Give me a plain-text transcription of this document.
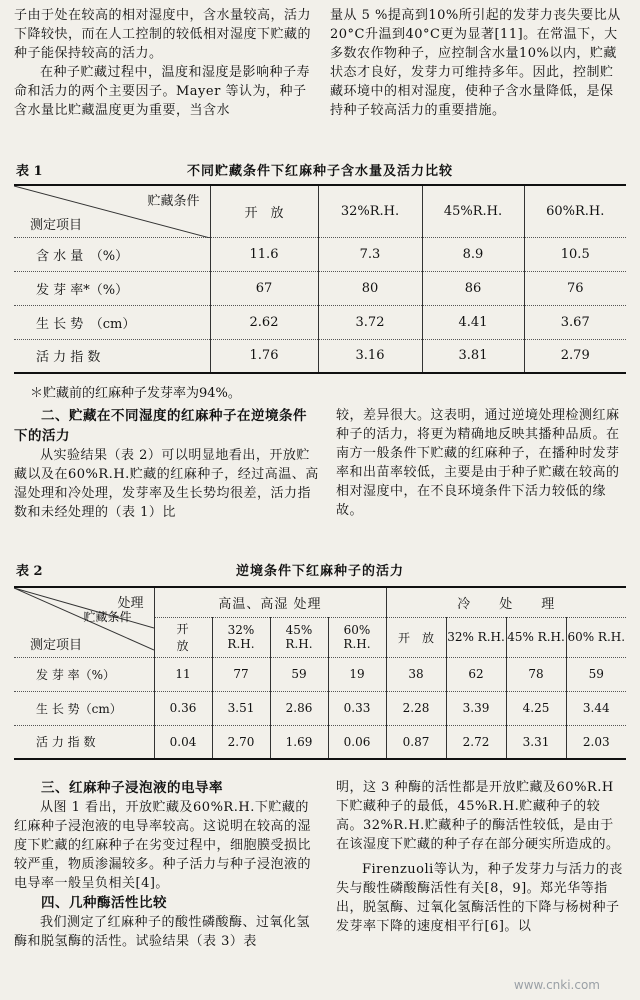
子由于处在较高的相对湿度中，含水量较高，活力下降较快，而在人工控制的较低相对湿度下贮藏的种子能保持较高的活力。

在种子贮藏过程中，温度和湿度是影响种子寿命和活力的两个主要因子。Mayer 等认为，种子含水量比贮藏温度更为重要，当含水

量从 5 %提高到10%所引起的发芽力丧失要比从20°C升温到40°C更为显著[11]。在常温下，大多数农作物种子，应控制含水量10%以内，贮藏状态才良好，发芽力可维持多年。因此，控制贮藏环境中的相对湿度，使种子含水量降低，是保持种子较高活力的重要措施。

表 1	不同贮藏条件下红麻种子含水量及活力比较
贮藏条件
测定项目	开　放	32%R.H.	45%R.H.	60%R.H.
含 水 量　（%）	11.6	7.3	8.9	10.5
发 芽 率*（%）	67	80	86	76
生 长 势　（cm）	2.62	3.72	4.41	3.67
活 力 指 数	1.76	3.16	3.81	2.79
＊贮藏前的红麻种子发芽率为94%。
二、贮藏在不同湿度的红麻种子在逆境条件下的活力

从实验结果（表 2）可以明显地看出，开放贮藏以及在60%R.H.贮藏的红麻种子，经过高温、高湿处理和冷处理，发芽率及生长势均很差，活力指数和未经处理的（表 1）比

较，差异很大。这表明，通过逆境处理检测红麻种子的活力，将更为精确地反映其播种品质。在南方一般条件下贮藏的红麻种子，在播种时发芽率和出苗率较低，主要是由于种子贮藏在较高的相对湿度中，在不良环境条件下活力较低的缘故。

表 2	逆境条件下红麻种子的活力
处理
贮藏条件
测定项目	高温、高湿 处理				冷　　处　　理			
	开　放	32% R.H.	45% R.H.	60% R.H.	开　放	32% R.H.	45% R.H.	60% R.H.
发 芽 率（%）	11	77	59	19	38	62	78	59
生 长 势（cm）	0.36	3.51	2.86	0.33	2.28	3.39	4.25	3.44
活 力 指 数	0.04	2.70	1.69	0.06	0.87	2.72	3.31	2.03
三、红麻种子浸泡液的电导率

从图 1 看出，开放贮藏及60%R.H.下贮藏的红麻种子浸泡液的电导率较高。这说明在较高的湿度下贮藏的红麻种子在劣变过程中，细胞膜受损比较严重，物质渗漏较多。种子活力与种子浸泡液的电导率一般呈负相关[4]。

四、几种酶活性比较

我们测定了红麻种子的酸性磷酸酶、过氧化氢酶和脱氢酶的活性。试验结果（表 3）表

明，这 3 种酶的活性都是开放贮藏及60%R.H下贮藏种子的最低，45%R.H.贮藏种子的较高。32%R.H.贮藏种子的酶活性较低，是由于在该湿度下贮藏的种子存在部分硬实所造成的。

Firenzuoli等认为，种子发芽力与活力的丧失与酸性磷酸酶活性有关[8，9]。郑光华等指出，脱氢酶、过氧化氢酶活性的下降与杨树种子发芽率下降的速度相平行[6]。以

www.cnki.com
